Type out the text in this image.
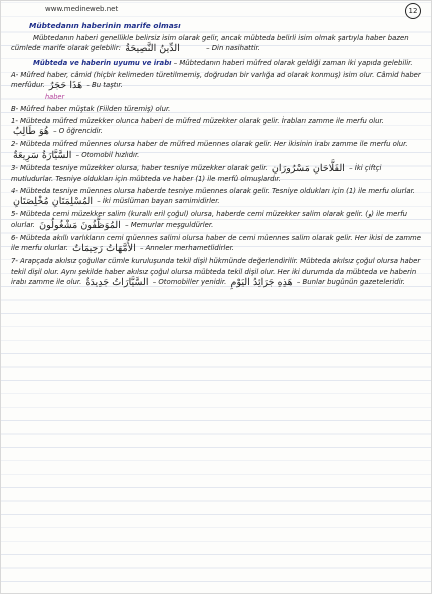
www.medineweb.net	12
Mübtedanın haberinin marife olması

Mübtedanın haberi genellikle belirsiz isim olarak gelir, ancak mübteda belirli isim olmak şartıyla haber bazen cümlede marife olarak gelebilir: الدِّينُ النَّصِيحَةُ	– Din nasihattir.

Mübteda ve haberin uyumu ve irabı – Mübtedanın haberi müfred olarak geldiği zaman iki yapıda gelebilir.

A- Müfred haber, câmid (hiçbir kelimeden türetilmemiş, doğrudan bir varlığa ad olarak konmuş) isim olur. Câmid haber merfûdur. هَذَا حَجَرٌ – Bu taştır.

haber

B- Müfred haber müştak (Fiilden türemiş) olur.

1- Mübteda müfred müzekker olunca haberi de müfred müzekker olarak gelir. İrabları zamme ile merfu olur. هُوَ طَالِبٌ – O öğrencidir.

2- Mübteda müfred müennes olursa haber de müfred müennes olarak gelir. Her ikisinin irabı zamme ile merfu olur. السَّيَّارَةُ سَرِيعَةٌ – Otomobil hızlıdır.

3- Mübteda tesniye müzekker olursa, haber tesniye müzekker olarak gelir. الفَلَّاحَانِ مَسْرُورَانِ – İki çiftçi mutludurlar. Tesniye oldukları için mübteda ve haber (1) ile merfû olmuşlardır.

4- Mübteda tesniye müennes olursa haberde tesniye müennes olarak gelir. Tesniye oldukları için (1) ile merfu olurlar. المُسْلِمَتَانِ مُخْلِصَتَانِ – İki müslüman bayan samimidirler.

5- Mübteda cemi müzekker salim (kurallı eril çoğul) olursa, haberde cemi müzekker salim olarak gelir. (و) ile merfu olurlar. المُوَظَّفُونَ مَشْغُولُونَ – Memurlar meşguldürler.

6- Mübteda akıllı varlıkların cemi müennes salimi olursa haber de cemi müennes salim olarak gelir. Her ikisi de zamme ile merfu olurlar. الأُمَّهَاتُ رَحِيمَاتٌ – Anneler merhametlidirler.

7- Arapçada akılsız çoğullar cümle kuruluşunda tekil dişil hükmünde değerlendirilir. Mübteda akılsız çoğul olursa haber tekil dişil olur. Aynı şekilde haber akılsız çoğul olursa mübteda tekil dişil olur. Her iki durumda da mübteda ve haberin irabı zamme ile olur. السَّيَّارَاتُ جَدِيدَةٌ – Otomobiller yenidir. هَذِهِ جَرَائِدُ اليَوْمِ – Bunlar bugünün gazeteleridir.
